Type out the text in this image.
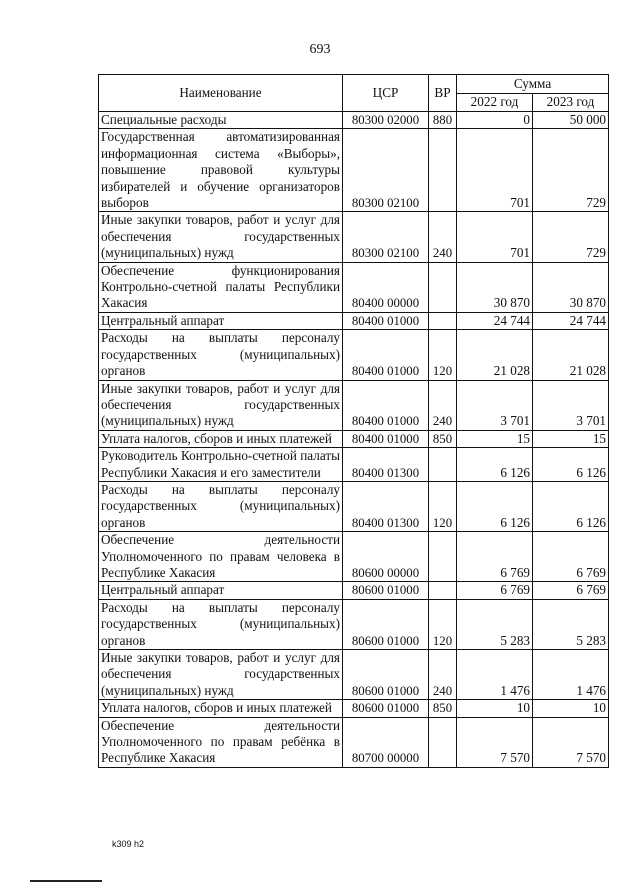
693
Наименование	ЦСР	ВР	Сумма	
			2022 год	2023 год
Специальные расходы	80300 02000	880	0	50 000
Государственная автоматизированная информационная система «Выборы», повышение правовой культуры избирателей и обучение организаторов выборов	80300 02100		701	729
Иные закупки товаров, работ и услуг для обеспечения государственных (муниципальных) нужд	80300 02100	240	701	729
Обеспечение функционирования Контрольно-счетной палаты Республики Хакасия	80400 00000		30 870	30 870
Центральный аппарат	80400 01000		24 744	24 744
Расходы на выплаты персоналу государственных (муниципальных) органов	80400 01000	120	21 028	21 028
Иные закупки товаров, работ и услуг для обеспечения государственных (муниципальных) нужд	80400 01000	240	3 701	3 701
Уплата налогов, сборов и иных платежей	80400 01000	850	15	15
Руководитель Контрольно-счетной палаты Республики Хакасия и его заместители	80400 01300		6 126	6 126
Расходы на выплаты персоналу государственных (муниципальных) органов	80400 01300	120	6 126	6 126
Обеспечение деятельности Уполномоченного по правам человека в Республике Хакасия	80600 00000		6 769	6 769
Центральный аппарат	80600 01000		6 769	6 769
Расходы на выплаты персоналу государственных (муниципальных) органов	80600 01000	120	5 283	5 283
Иные закупки товаров, работ и услуг для обеспечения государственных (муниципальных) нужд	80600 01000	240	1 476	1 476
Уплата налогов, сборов и иных платежей	80600 01000	850	10	10
Обеспечение деятельности Уполномоченного по правам ребёнка в Республике Хакасия	80700 00000		7 570	7 570
k309 h2
